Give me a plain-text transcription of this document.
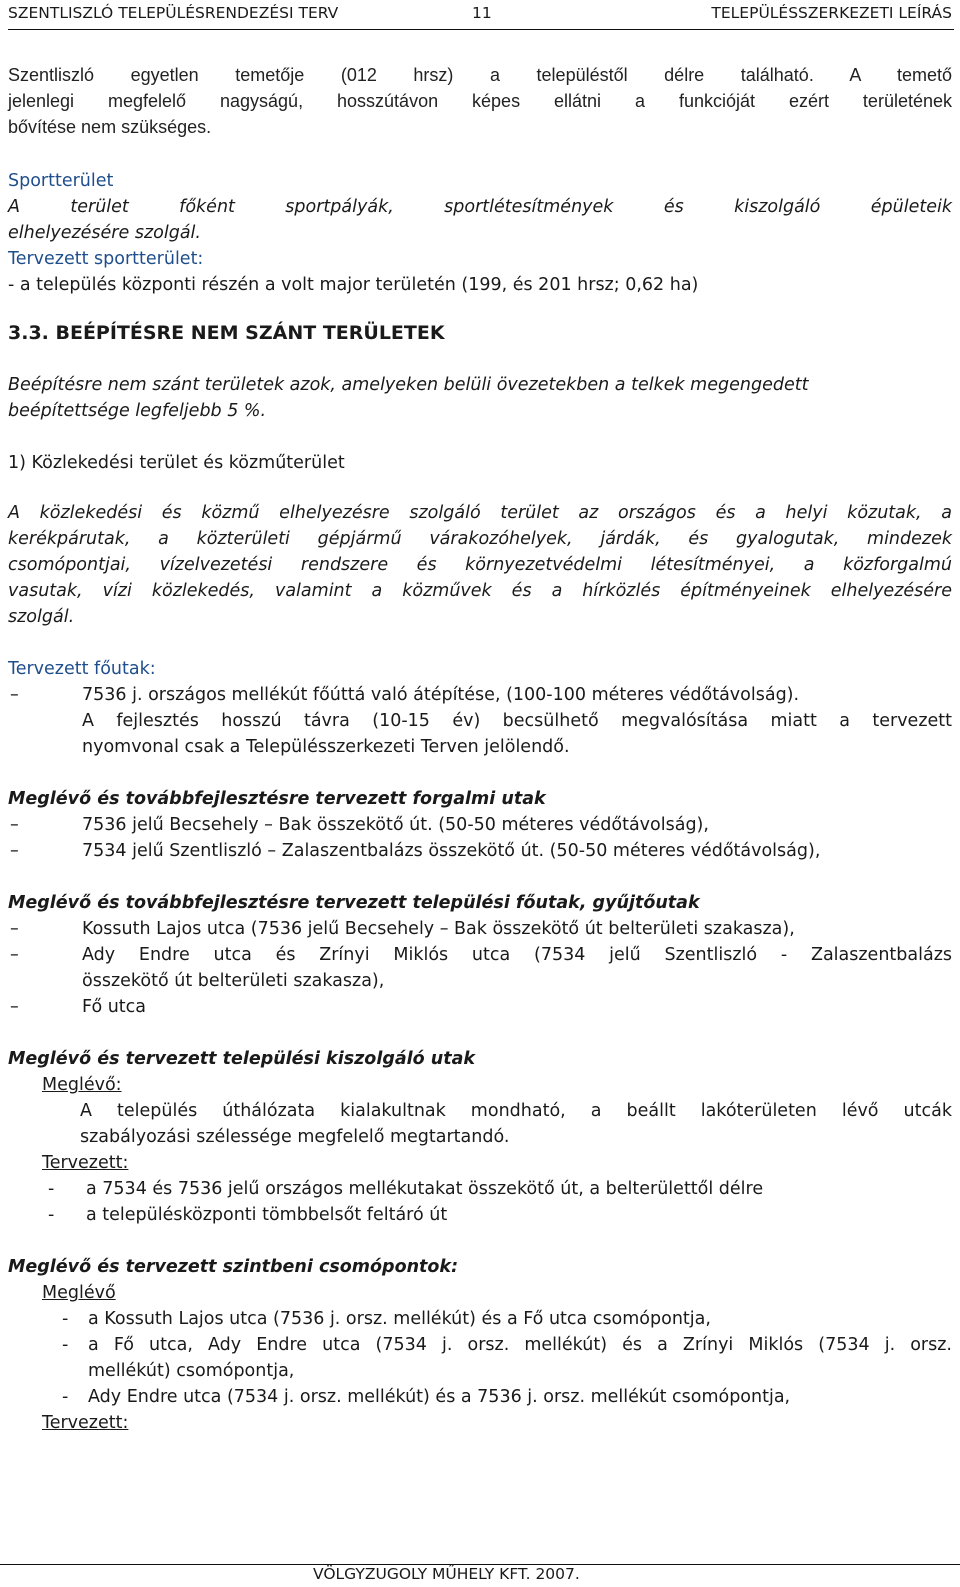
SZENTLISZLÓ TELEPÜLÉSRENDEZÉSI TERV	11	TELEPÜLÉSSZERKEZETI LEÍRÁS

Szentliszló egyetlen temetője (012 hrsz) a településtől délre található. A temető

jelenlegi megfelelő nagyságú, hosszútávon képes ellátni a funkcióját ezért területének

bővítése nem szükséges.

Sportterület

A terület főként sportpályák, sportlétesítmények és kiszolgáló épületeik

elhelyezésére szolgál.

Tervezett sportterület:

- a település központi részén a volt major területén (199, és 201 hrsz; 0,62 ha)

3.3. BEÉPÍTÉSRE NEM SZÁNT TERÜLETEK

Beépítésre nem szánt területek azok, amelyeken belüli övezetekben a telkek megengedett

beépítettsége legfeljebb 5 %.

1) Közlekedési terület és közműterület

A közlekedési és közmű elhelyezésre szolgáló terület az országos és a helyi közutak, a

kerékpárutak, a közterületi gépjármű várakozóhelyek, járdák, és gyalogutak, mindezek

csomópontjai, vízelvezetési rendszere és környezetvédelmi létesítményei, a közforgalmú

vasutak, vízi közlekedés, valamint a közművek és a hírközlés építményeinek elhelyezésére

szolgál.

Tervezett főutak:

–	7536 j. országos mellékút főúttá való átépítése, (100-100 méteres védőtávolság).

A fejlesztés hosszú távra (10-15 év) becsülhető megvalósítása miatt a tervezett

nyomvonal csak a Településszerkezeti Terven jelölendő.

Meglévő és továbbfejlesztésre tervezett forgalmi utak

–	7536 jelű Becsehely – Bak összekötő út. (50-50 méteres védőtávolság),
–	7534 jelű Szentliszló – Zalaszentbalázs összekötő út. (50-50 méteres védőtávolság),

Meglévő és továbbfejlesztésre tervezett települési főutak, gyűjtőutak

–	Kossuth Lajos utca (7536 jelű Becsehely – Bak összekötő út belterületi szakasza),
–	Ady Endre utca és Zrínyi Miklós utca (7534 jelű Szentliszló - Zalaszentbalázs

összekötő út belterületi szakasza),

–	Fő utca

Meglévő és tervezett települési kiszolgáló utak

Meglévő:

A település úthálózata kialakultnak mondható, a beállt lakóterületen lévő utcák

szabályozási szélessége megfelelő megtartandó.

Tervezett:

-	a 7534 és 7536 jelű országos mellékutakat összekötő út, a belterülettől délre
-	a településközponti tömbbelsőt feltáró út

Meglévő és tervezett szintbeni csomópontok:

Meglévő

-	a Kossuth Lajos utca (7536 j. orsz. mellékút) és a Fő utca csomópontja,
-	a Fő utca, Ady Endre utca (7534 j. orsz. mellékút) és a Zrínyi Miklós (7534 j. orsz.

mellékút) csomópontja,

-	Ady Endre utca (7534 j. orsz. mellékút) és a 7536 j. orsz. mellékút csomópontja,

Tervezett:

VÖLGYZUGOLY MŰHELY KFT. 2007.
